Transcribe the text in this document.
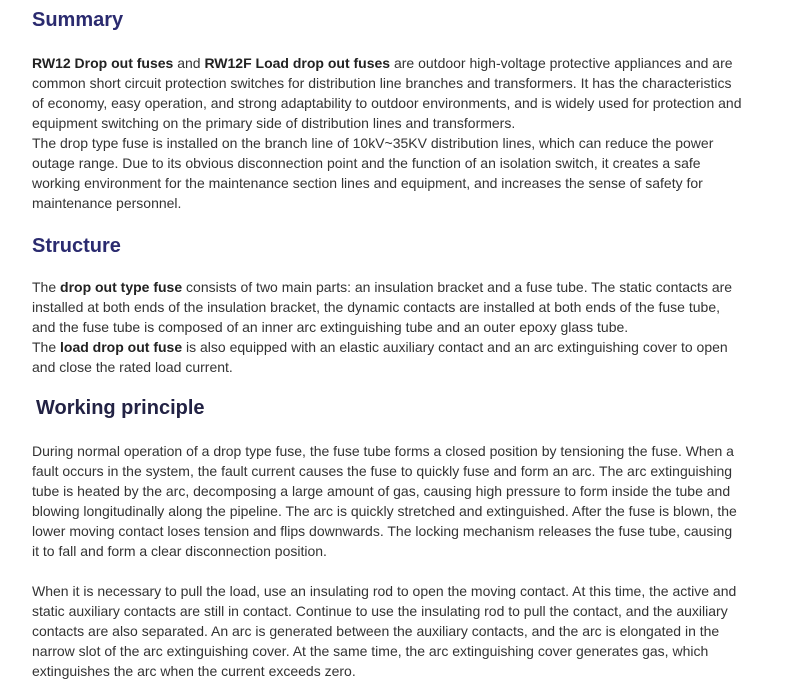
Summary

RW12 Drop out fuses and RW12F Load drop out fuses are outdoor high-voltage protective appliances and are common short circuit protection switches for distribution line branches and transformers. It has the characteristics of economy, easy operation, and strong adaptability to outdoor environments, and is widely used for protection and equipment switching on the primary side of distribution lines and transformers.

The drop type fuse is installed on the branch line of 10kV~35KV distribution lines, which can reduce the power outage range. Due to its obvious disconnection point and the function of an isolation switch, it creates a safe working environment for the maintenance section lines and equipment, and increases the sense of safety for maintenance personnel.

Structure

The drop out type fuse consists of two main parts: an insulation bracket and a fuse tube. The static contacts are installed at both ends of the insulation bracket, the dynamic contacts are installed at both ends of the fuse tube, and the fuse tube is composed of an inner arc extinguishing tube and an outer epoxy glass tube.

The load drop out fuse is also equipped with an elastic auxiliary contact and an arc extinguishing cover to open and close the rated load current.

Working principle

During normal operation of a drop type fuse, the fuse tube forms a closed position by tensioning the fuse. When a fault occurs in the system, the fault current causes the fuse to quickly fuse and form an arc. The arc extinguishing tube is heated by the arc, decomposing a large amount of gas, causing high pressure to form inside the tube and blowing longitudinally along the pipeline. The arc is quickly stretched and extinguished. After the fuse is blown, the lower moving contact loses tension and flips downwards. The locking mechanism releases the fuse tube, causing it to fall and form a clear disconnection position.

When it is necessary to pull the load, use an insulating rod to open the moving contact. At this time, the active and static auxiliary contacts are still in contact. Continue to use the insulating rod to pull the contact, and the auxiliary contacts are also separated. An arc is generated between the auxiliary contacts, and the arc is elongated in the narrow slot of the arc extinguishing cover. At the same time, the arc extinguishing cover generates gas, which extinguishes the arc when the current exceeds zero.
